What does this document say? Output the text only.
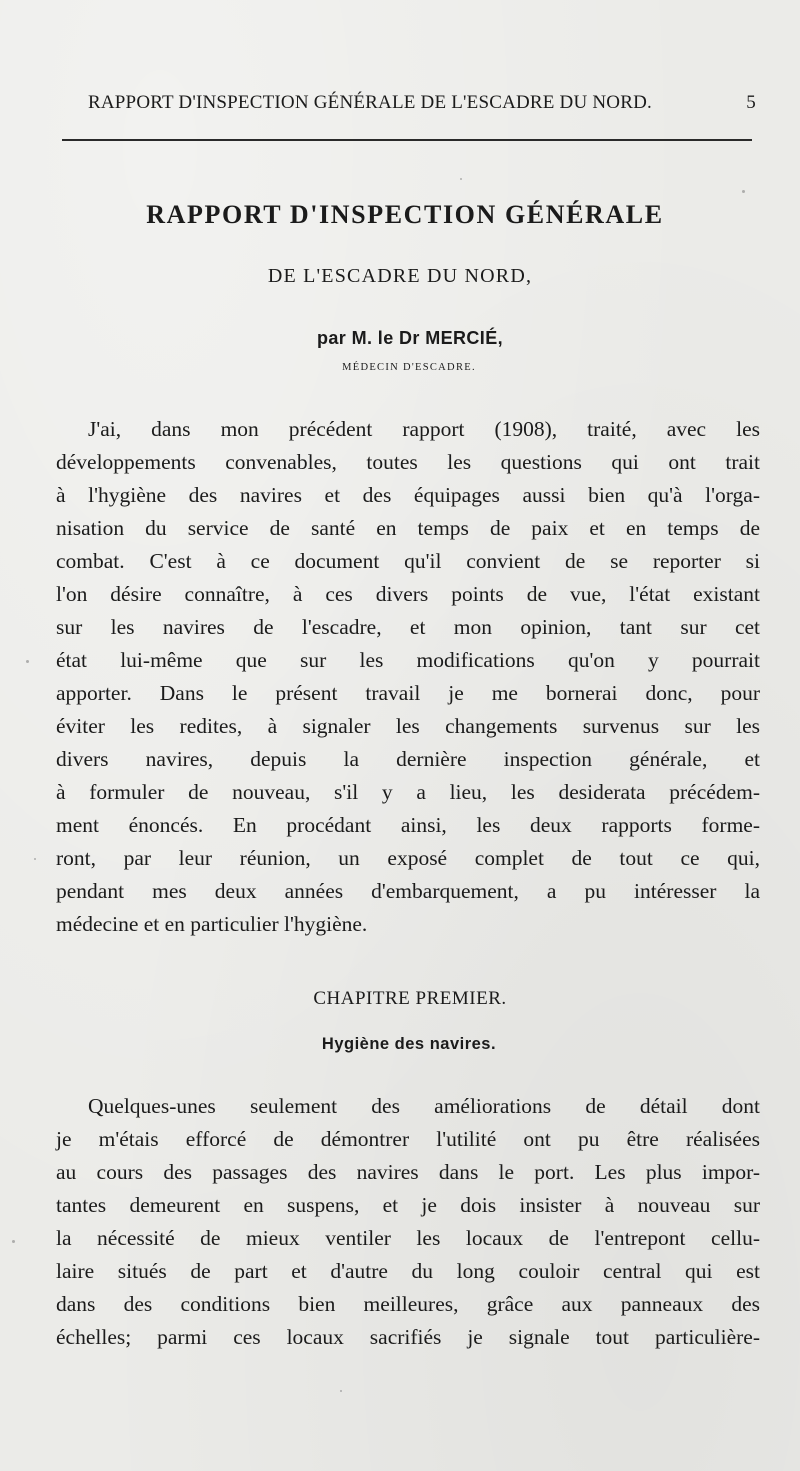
RAPPORT D'INSPECTION GÉNÉRALE DE L'ESCADRE DU NORD.	5
RAPPORT D'INSPECTION GÉNÉRALE
DE L'ESCADRE DU NORD,
par M. le Dr MERCIÉ,
MÉDECIN D'ESCADRE.
J'ai, dans mon précédent rapport (1908), traité, avec les
développements convenables, toutes les questions qui ont trait
à l'hygiène des navires et des équipages aussi bien qu'à l'orga-
nisation du service de santé en temps de paix et en temps de
combat. C'est à ce document qu'il convient de se reporter si
l'on désire connaître, à ces divers points de vue, l'état existant
sur les navires de l'escadre, et mon opinion, tant sur cet
état lui-même que sur les modifications qu'on y pourrait
apporter. Dans le présent travail je me bornerai donc, pour
éviter les redites, à signaler les changements survenus sur les
divers navires, depuis la dernière inspection générale, et
à formuler de nouveau, s'il y a lieu, les desiderata précédem-
ment énoncés. En procédant ainsi, les deux rapports forme-
ront, par leur réunion, un exposé complet de tout ce qui,
pendant mes deux années d'embarquement, a pu intéresser la
médecine et en particulier l'hygiène.
CHAPITRE PREMIER.
Hygiène des navires.
Quelques-unes seulement des améliorations de détail dont
je m'étais efforcé de démontrer l'utilité ont pu être réalisées
au cours des passages des navires dans le port. Les plus impor-
tantes demeurent en suspens, et je dois insister à nouveau sur
la nécessité de mieux ventiler les locaux de l'entrepont cellu-
laire situés de part et d'autre du long couloir central qui est
dans des conditions bien meilleures, grâce aux panneaux des
échelles; parmi ces locaux sacrifiés je signale tout particulière-
